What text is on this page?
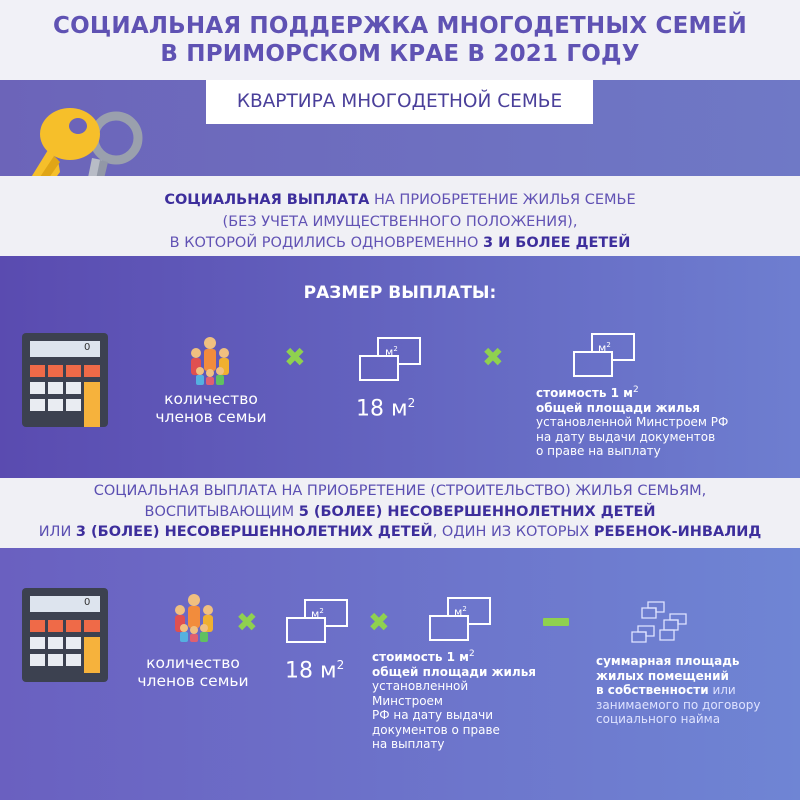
СОЦИАЛЬНАЯ ПОДДЕРЖКА МНОГОДЕТНЫХ СЕМЕЙ
В ПРИМОРСКОМ КРАЕ В 2021 ГОДУ
КВАРТИРА МНОГОДЕТНОЙ СЕМЬЕ
СОЦИАЛЬНАЯ ВЫПЛАТА НА ПРИОБРЕТЕНИЕ ЖИЛЬЯ СЕМЬЕ
(БЕЗ УЧЕТА ИМУЩЕСТВЕННОГО ПОЛОЖЕНИЯ),
В КОТОРОЙ РОДИЛИСЬ ОДНОВРЕМЕННО 3 И БОЛЕЕ ДЕТЕЙ
РАЗМЕР ВЫПЛАТЫ:
0
количество
членов семьи
✖	$м^2$
18 $м^2$
✖	$м^2$
стоимость 1 $м^2$
общей площади жилья
установленной Минстроем РФ
на дату выдачи документов
о праве на выплату
СОЦИАЛЬНАЯ ВЫПЛАТА НА ПРИОБРЕТЕНИЕ (СТРОИТЕЛЬСТВО) ЖИЛЬЯ СЕМЬЯМ,
ВОСПИТЫВАЮЩИМ 5 (БОЛЕЕ) НЕСОВЕРШЕННОЛЕТНИХ ДЕТЕЙ
ИЛИ 3 (БОЛЕЕ) НЕСОВЕРШЕННОЛЕТНИХ ДЕТЕЙ, ОДИН ИЗ КОТОРЫХ РЕБЕНОК-ИНВАЛИД
0
количество
членов семьи
✖	$м^2$
18 $м^2$
✖	$м^2$
стоимость 1 $м^2$
общей площади жилья
установленной Минстроем
РФ на дату выдачи
документов о праве
на выплату
суммарная площадь
жилых помещений
в собственности или
занимаемого по договору
социального найма
